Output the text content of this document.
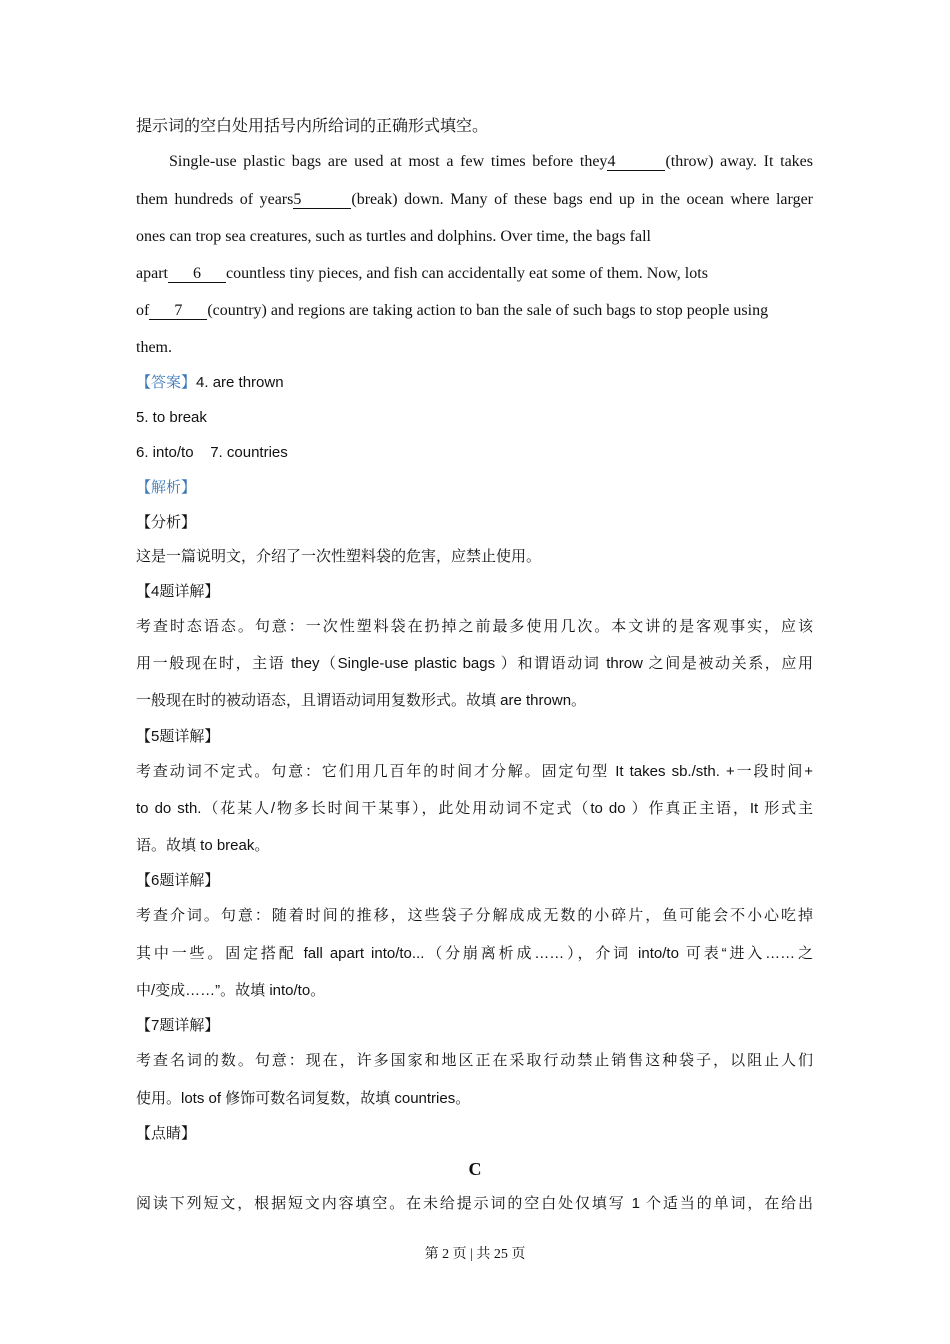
提示词的空白处用括号内所给词的正确形式填空。
Single-use plastic bags are used at most a few times before they4	(throw) away. It takes
them hundreds of years5	(break) down. Many of these bags end up in the ocean where larger
ones can trop sea creatures, such as turtles and dolphins. Over time, the bags fall
apart 6 countless tiny pieces, and fish can accidentally eat some of them. Now, lots
of 7 (country) and regions are taking action to ban the sale of such bags to stop people using
them.
【答案】4. are thrown
5. to break
6. into/to    7. countries
【解析】
【分析】
这是一篇说明文，介绍了一次性塑料袋的危害，应禁止使用。
【4题详解】
考查时态语态。句意：一次性塑料袋在扔掉之前最多使用几次。本文讲的是客观事实，应该
用一般现在时，主语 they（Single-use plastic bags ）和谓语动词 throw 之间是被动关系，应用
一般现在时的被动语态，且谓语动词用复数形式。故填 are thrown。
【5题详解】
考查动词不定式。句意：它们用几百年的时间才分解。固定句型 It takes sb./sth. +一段时间+
to do sth.（花某人/物多长时间干某事），此处用动词不定式（to do ）作真正主语，It 形式主
语。故填 to break。
【6题详解】
考查介词。句意：随着时间的推移，这些袋子分解成成无数的小碎片，鱼可能会不小心吃掉
其中一些。固定搭配 fall apart into/to...（分崩离析成……），介词 into/to 可表“进入……之
中/变成……”。故填 into/to。
【7题详解】
考查名词的数。句意：现在，许多国家和地区正在采取行动禁止销售这种袋子，以阻止人们
使用。lots of 修饰可数名词复数，故填 countries。
【点睛】
C
阅读下列短文，根据短文内容填空。在未给提示词的空白处仅填写 1 个适当的单词，在给出
第 2 页 | 共 25 页
